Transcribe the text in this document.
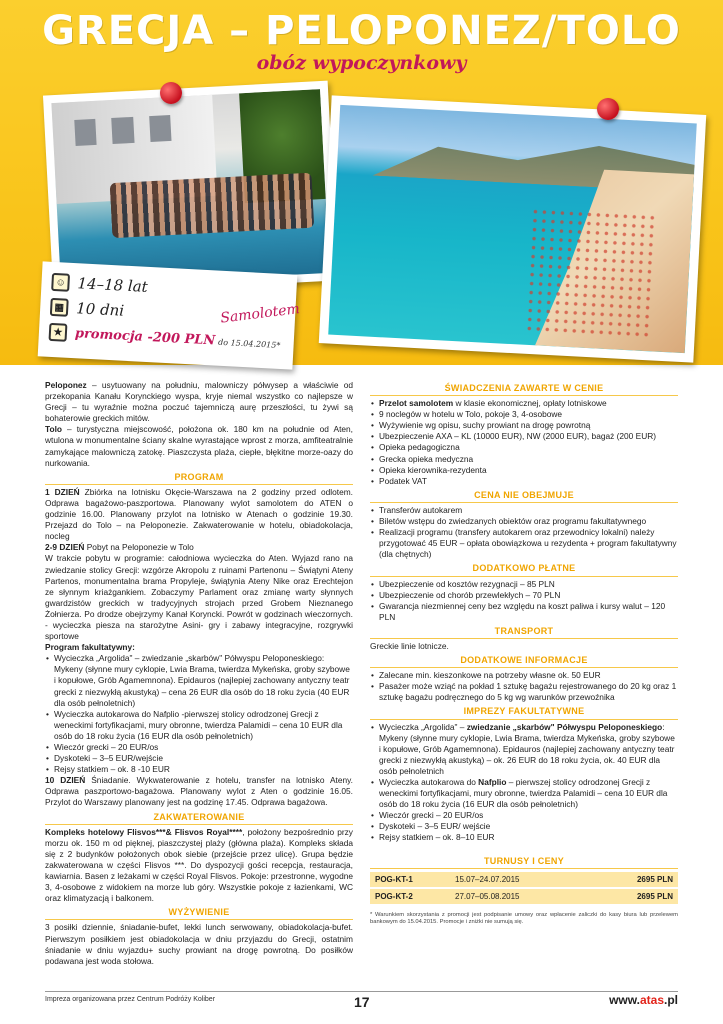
GRECJA – PELOPONEZ/TOLO
obóz wypoczynkowy
☺ 14–18 lat
▦ 10 dni
★ promocja -200 PLN do 15.04.2015*
Samolotem

Peloponez – usytuowany na południu, malowniczy półwysep a właściwie od przekopania Kanału Korynckiego wyspa, kryje niemal wszystko co najlepsze w Grecji – tu wyraźnie można poczuć tajemniczą aurę przeszłości, tu żywi są bohaterowie greckich mitów.

Tolo – turystyczna miejscowość, położona ok. 180 km na południe od Aten, wtulona w monumentalne ściany skalne wyrastające wprost z morza, amfiteatralnie zamykające malowniczą zatokę. Piaszczysta plaża, ciepłe, błękitne morze-oazy do nurkowania.

PROGRAM

1 DZIEŃ Zbiórka na lotnisku Okęcie-Warszawa na 2 godziny przed odlotem. Odprawa bagażowo-paszportowa. Planowany wylot samolotem do ATEN o godzinie 16.00. Planowany przylot na lotnisko w Atenach o godzinie 19.30. Przejazd do Tolo – na Peloponezie. Zakwaterowanie w hotelu, obiadokolacja, nocleg

2-9 DZIEŃ Pobyt na Peloponezie w Tolo

W trakcie pobytu w programie: całodniowa wycieczka do Aten. Wyjazd rano na zwiedzanie stolicy Grecji: wzgórze Akropolu z ruinami Partenonu – Świątyni Ateny Partenos, monumentalna brama Propyleje, świątynia Ateny Nike oraz Erechtejon ze słynnym kriażgankiem. Zobaczymy Parlament oraz zmianę warty słynnych gwardzistów greckich w tradycyjnych strojach przed Grobem Nieznanego Żołnierza. Po drodze obejrzymy Kanał Koryncki. Powrót w godzinach wieczornych. - wycieczka piesza na starożytne Asini- gry i zabawy integracyjne, rozgrywki sportowe

Program fakultatywny:

• Wycieczka „Argolida" – zwiedzanie „skarbów" Półwyspu Peloponeskiego: Mykeny (słynne mury cyklopie, Lwia Brama, twierdza Mykeńska, groby szybowe i kopułowe, Grób Agamemnona). Epidauros (najlepiej zachowany antyczny teatr grecki z niezwykłą akustyką) – cena 26 EUR dla osób do 18 roku życia (40 EUR dla osób pełnoletnich)
• Wycieczka autokarowa do Nafplio -pierwszej stolicy odrodzonej Grecji z weneckimi fortyfikacjami, mury obronne, twierdza Palamidi – cena 10 EUR dla osób do 18 roku życia (16 EUR dla osób pełnoletnich)
• Wieczór grecki – 20 EUR/os
• Dyskoteki – 3–5 EUR/wejście
• Rejsy statkiem – ok. 8 -10 EUR

10 DZIEŃ Śniadanie. Wykwaterowanie z hotelu, transfer na lotnisko Ateny. Odprawa paszportowo-bagażowa. Planowany wylot z Aten o godzinie 16.05. Przylot do Warszawy planowany jest na godzinę 17.45. Odprawa bagażowa.

ZAKWATEROWANIE

Kompleks hotelowy Flisvos***& Flisvos Royal****, położony bezpośrednio przy morzu ok. 150 m od pięknej, piaszczystej plaży (główna plaża). Kompleks składa się z 2 budynków położonych obok siebie (przejście przez ulicę). Grupa będzie zakwaterowana w części Flisvos ***. Do dyspozycji gości recepcja, restauracja, kawiarnia. Basen z leżakami w części Royal Flisvos. Pokoje: przestronne, wygodne 3, 4-osobowe z widokiem na morze lub góry. Wszystkie pokoje z łazienkami, WC oraz klimatyzacją i balkonem.

WYŻYWIENIE

3 posiłki dziennie, śniadanie-bufet, lekki lunch serwowany, obiadokolacja-bufet. Pierwszym posiłkiem jest obiadokolacja w dniu przyjazdu do Grecji, ostatnim śniadanie w dniu wyjazdu+ suchy prowiant na drogę powrotną. Do posiłków podawana jest woda stołowa.

ŚWIADCZENIA ZAWARTE W CENIE
• Przelot samolotem w klasie ekonomicznej, opłaty lotniskowe
• 9 noclegów w hotelu w Tolo, pokoje 3, 4-osobowe
• Wyżywienie wg opisu, suchy prowiant na drogę powrotną
• Ubezpieczenie AXA – KL (10000 EUR), NW (2000 EUR), bagaż (200 EUR)
• Opieka pedagogiczna
• Grecka opieka medyczna
• Opieka kierownika-rezydenta
• Podatek VAT
CENA NIE OBEJMUJE
• Transferów autokarem
• Biletów wstępu do zwiedzanych obiektów oraz programu fakultatywnego
• Realizacji programu (transfery autokarem oraz przewodnicy lokalni) należy przygotować 45 EUR – opłata obowiązkowa u rezydenta + program fakultatywny (dla chętnych)
DODATKOWO PŁATNE
• Ubezpieczenie od kosztów rezygnacji – 85 PLN
• Ubezpieczenie od chorób przewlekłych – 70 PLN
• Gwarancja niezmiennej ceny bez względu na koszt paliwa i kursy walut – 120 PLN
TRANSPORT

Greckie linie lotnicze.

DODATKOWE INFORMACJE
• Zalecane min. kieszonkowe na potrzeby własne ok. 50 EUR
• Pasażer może wziąć na pokład 1 sztukę bagażu rejestrowanego do 20 kg oraz 1 sztukę bagażu podręcznego do 5 kg wg warunków przewoźnika
IMPREZY FAKULTATYWNE
• Wycieczka „Argolida" – zwiedzanie „skarbów" Półwyspu Peloponeskiego: Mykeny (słynne mury cyklopie, Lwia Brama, twierdza Mykeńska, groby szybowe i kopułowe, Grób Agamemnona). Epidauros (najlepiej zachowany antyczny teatr grecki z niezwykłą akustyką) – ok. 26 EUR do 18 roku życia, ok. 40 EUR dla osób pełnoletnich
• Wycieczka autokarowa do Nafplio – pierwszej stolicy odrodzonej Grecji z weneckimi fortyfikacjami, mury obronne, twierdza Palamidi – cena 10 EUR dla osób do 18 roku życia (16 EUR dla osób pełnoletnich)
• Wieczór grecki – 20 EUR/os
• Dyskoteki – 3–5 EUR/ wejście
• Rejsy statkiem – ok. 8–10 EUR
TURNUSY I CENY
POG-KT-1	15.07–24.07.2015	2695 PLN
POG-KT-2	27.07–05.08.2015	2695 PLN

* Warunkiem skorzystania z promocji jest podpisanie umowy oraz wpłacenie zaliczki do kasy biura lub przelewem bankowym do 15.04.2015. Promocje i zniżki nie sumują się.

Impreza organizowana przez Centrum Podróży Koliber	17	www.atas.pl
